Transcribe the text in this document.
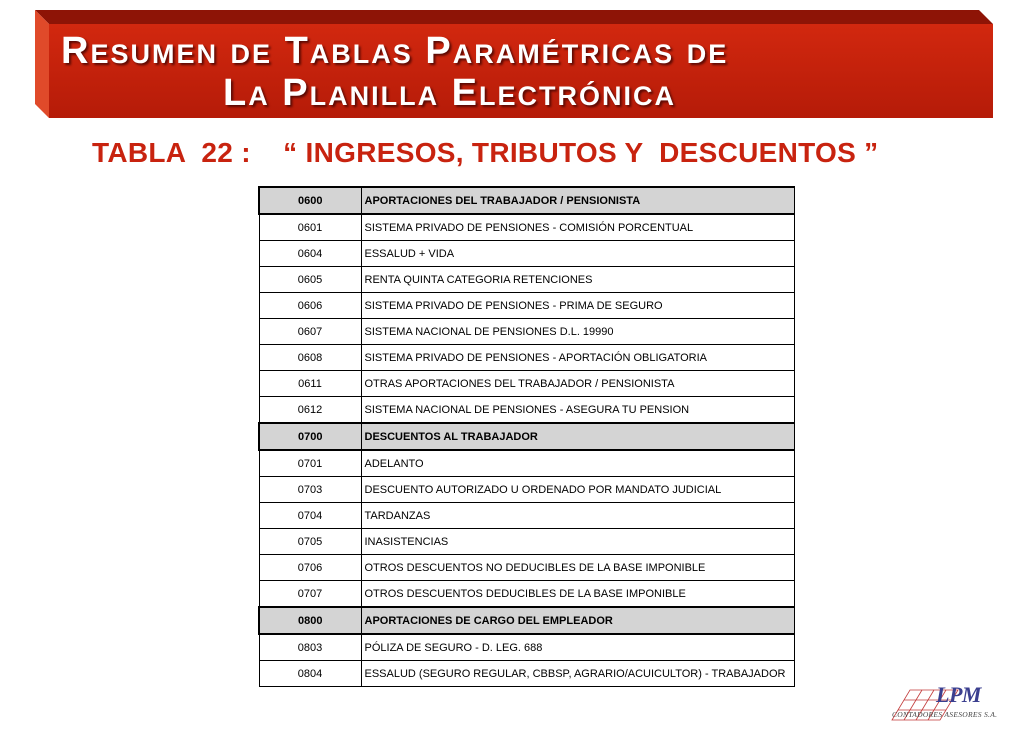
Resumen de Tablas Paramétricas de
La Planilla Electrónica
TABLA  22 :    “ INGRESOS, TRIBUTOS Y  DESCUENTOS ”
0600	APORTACIONES DEL TRABAJADOR / PENSIONISTA
0601	SISTEMA PRIVADO DE PENSIONES - COMISIÓN PORCENTUAL
0604	ESSALUD + VIDA
0605	RENTA QUINTA CATEGORIA RETENCIONES
0606	SISTEMA PRIVADO DE PENSIONES - PRIMA DE SEGURO
0607	SISTEMA NACIONAL DE PENSIONES D.L. 19990
0608	SISTEMA PRIVADO DE PENSIONES - APORTACIÓN OBLIGATORIA
0611	OTRAS APORTACIONES DEL TRABAJADOR / PENSIONISTA
0612	SISTEMA NACIONAL DE PENSIONES - ASEGURA TU PENSION
0700	DESCUENTOS AL TRABAJADOR
0701	ADELANTO
0703	DESCUENTO AUTORIZADO U ORDENADO POR MANDATO JUDICIAL
0704	TARDANZAS
0705	INASISTENCIAS
0706	OTROS DESCUENTOS NO DEDUCIBLES DE LA BASE IMPONIBLE
0707	OTROS DESCUENTOS DEDUCIBLES DE LA BASE IMPONIBLE
0800	APORTACIONES DE CARGO DEL EMPLEADOR
0803	PÓLIZA DE SEGURO - D. LEG. 688
0804	ESSALUD (SEGURO REGULAR, CBBSP, AGRARIO/ACUICULTOR) - TRABAJADOR
LPM
CONTADORES ASESORES S.A.
